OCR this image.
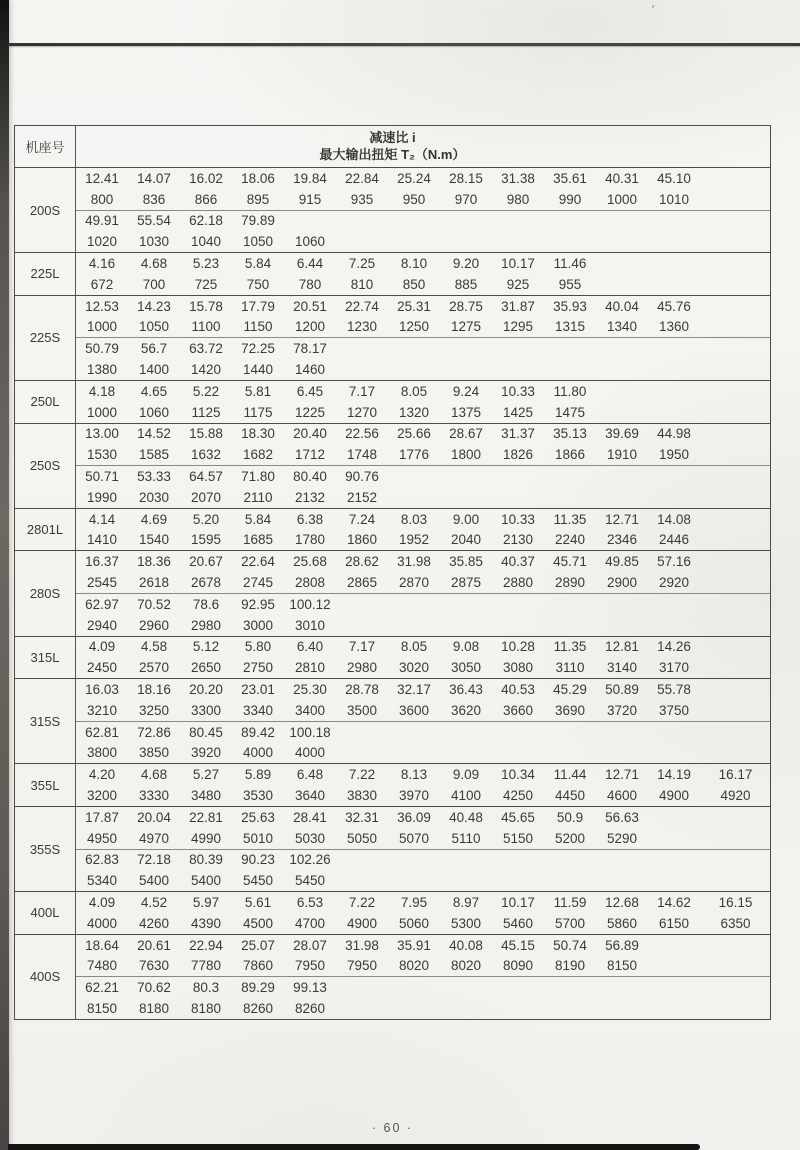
′
机座号
减速比 i
最大输出扭矩 T₂（N.m）
200S
12.41	14.07	16.02	18.06	19.84	22.84	25.24	28.15	31.38	35.61	40.31	45.10
800	836	866	895	915	935	950	970	980	990	1000	1010
49.91	55.54	62.18	79.89
1020	1030	1040	1050	1060
225L
4.16	4.68	5.23	5.84	6.44	7.25	8.10	9.20	10.17	11.46
672	700	725	750	780	810	850	885	925	955
225S
12.53	14.23	15.78	17.79	20.51	22.74	25.31	28.75	31.87	35.93	40.04	45.76
1000	1050	1100	1150	1200	1230	1250	1275	1295	1315	1340	1360
50.79	56.7	63.72	72.25	78.17
1380	1400	1420	1440	1460
250L
4.18	4.65	5.22	5.81	6.45	7.17	8.05	9.24	10.33	11.80
1000	1060	1125	1175	1225	1270	1320	1375	1425	1475
250S
13.00	14.52	15.88	18.30	20.40	22.56	25.66	28.67	31.37	35.13	39.69	44.98
1530	1585	1632	1682	1712	1748	1776	1800	1826	1866	1910	1950
50.71	53.33	64.57	71.80	80.40	90.76
1990	2030	2070	2110	2132	2152
2801L
4.14	4.69	5.20	5.84	6.38	7.24	8.03	9.00	10.33	11.35	12.71	14.08
1410	1540	1595	1685	1780	1860	1952	2040	2130	2240	2346	2446
280S
16.37	18.36	20.67	22.64	25.68	28.62	31.98	35.85	40.37	45.71	49.85	57.16
2545	2618	2678	2745	2808	2865	2870	2875	2880	2890	2900	2920
62.97	70.52	78.6	92.95	100.12
2940	2960	2980	3000	3010
315L
4.09	4.58	5.12	5.80	6.40	7.17	8.05	9.08	10.28	11.35	12.81	14.26
2450	2570	2650	2750	2810	2980	3020	3050	3080	3110	3140	3170
315S
16.03	18.16	20.20	23.01	25.30	28.78	32.17	36.43	40.53	45.29	50.89	55.78
3210	3250	3300	3340	3400	3500	3600	3620	3660	3690	3720	3750
62.81	72.86	80.45	89.42	100.18
3800	3850	3920	4000	4000
355L
4.20	4.68	5.27	5.89	6.48	7.22	8.13	9.09	10.34	11.44	12.71	14.19	16.17
3200	3330	3480	3530	3640	3830	3970	4100	4250	4450	4600	4900	4920
355S
17.87	20.04	22.81	25.63	28.41	32.31	36.09	40.48	45.65	50.9	56.63
4950	4970	4990	5010	5030	5050	5070	5110	5150	5200	5290
62.83	72.18	80.39	90.23	102.26
5340	5400	5400	5450	5450
400L
4.09	4.52	5.97	5.61	6.53	7.22	7.95	8.97	10.17	11.59	12.68	14.62	16.15
4000	4260	4390	4500	4700	4900	5060	5300	5460	5700	5860	6150	6350
400S
18.64	20.61	22.94	25.07	28.07	31.98	35.91	40.08	45.15	50.74	56.89
7480	7630	7780	7860	7950	7950	8020	8020	8090	8190	8150
62.21	70.62	80.3	89.29	99.13
8150	8180	8180	8260	8260
· 60 ·
